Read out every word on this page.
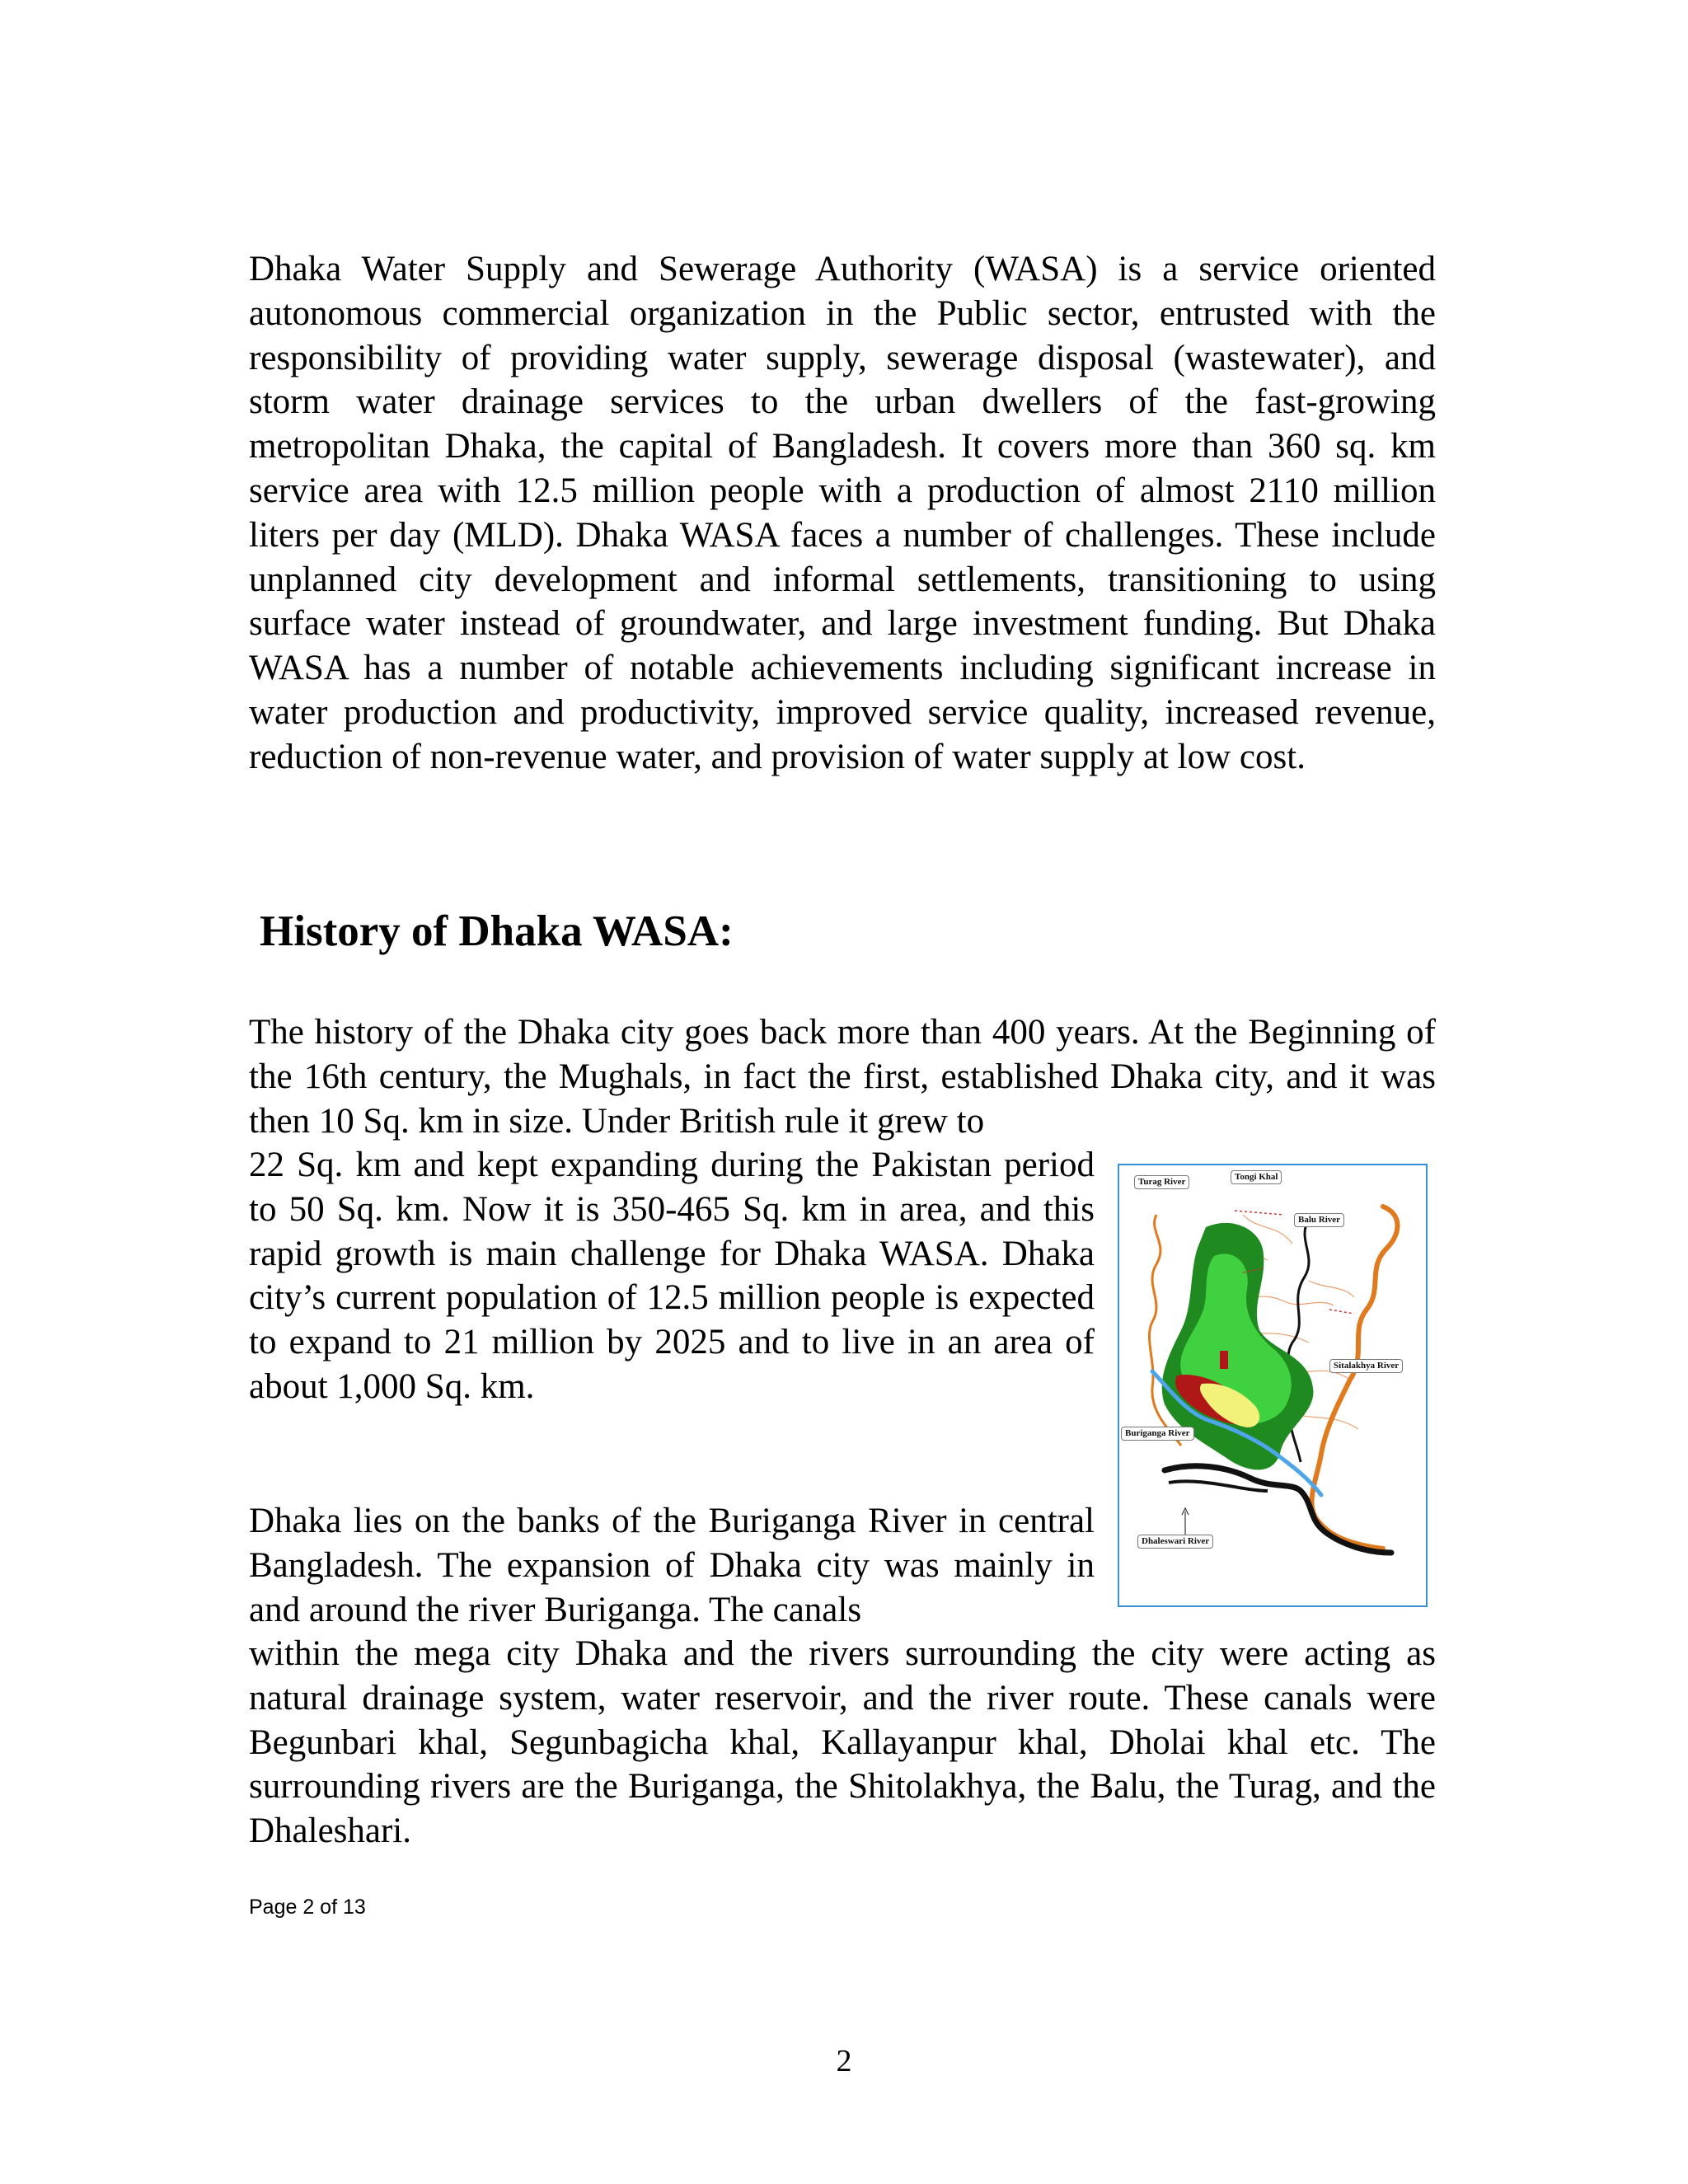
Dhaka Water Supply and Sewerage Authority (WASA) is a service oriented autonomous commercial organization in the Public sector, entrusted with the responsibility of providing water supply, sewerage disposal (wastewater), and storm water drainage services to the urban dwellers of the fast-growing metropolitan Dhaka, the capital of Bangladesh. It covers more than 360 sq. km service area with 12.5 million people with a production of almost 2110 million liters per day (MLD). Dhaka WASA faces a number of challenges. These include unplanned city development and informal settlements, transitioning to using surface water instead of groundwater, and large investment funding. But Dhaka WASA has a number of notable achievements including significant increase in water production and productivity, improved service quality, increased revenue, reduction of non-revenue water, and provision of water supply at low cost.

History of Dhaka WASA:

The history of the Dhaka city goes back more than 400 years. At the Beginning of the 16th century, the Mughals, in fact the first, established Dhaka city, and it was then 10 Sq. km in size. Under British rule it grew to

22 Sq. km and kept expanding during the Pakistan period to 50 Sq. km. Now it is 350-465 Sq. km in area, and this rapid growth is main challenge for Dhaka WASA. Dhaka city’s current population of 12.5 million people is expected to expand to 21 million by 2025 and to live in an area of about 1,000 Sq. km.

Dhaka lies on the banks of the Buriganga River in central Bangladesh. The expansion of Dhaka city was mainly in and around the river Buriganga. The canals

within the mega city Dhaka and the rivers surrounding the city were acting as natural drainage system, water reservoir, and the river route. These canals were Begunbari khal, Segunbagicha khal, Kallayanpur khal, Dholai khal etc. The surrounding rivers are the Buriganga, the Shitolakhya, the Balu, the Turag, and the Dhaleshari.

Turag River	Tongi Khal
Balu River
Sitalakhya River
Buriganga River
Dhaleswari River
Page 2 of 13
2
